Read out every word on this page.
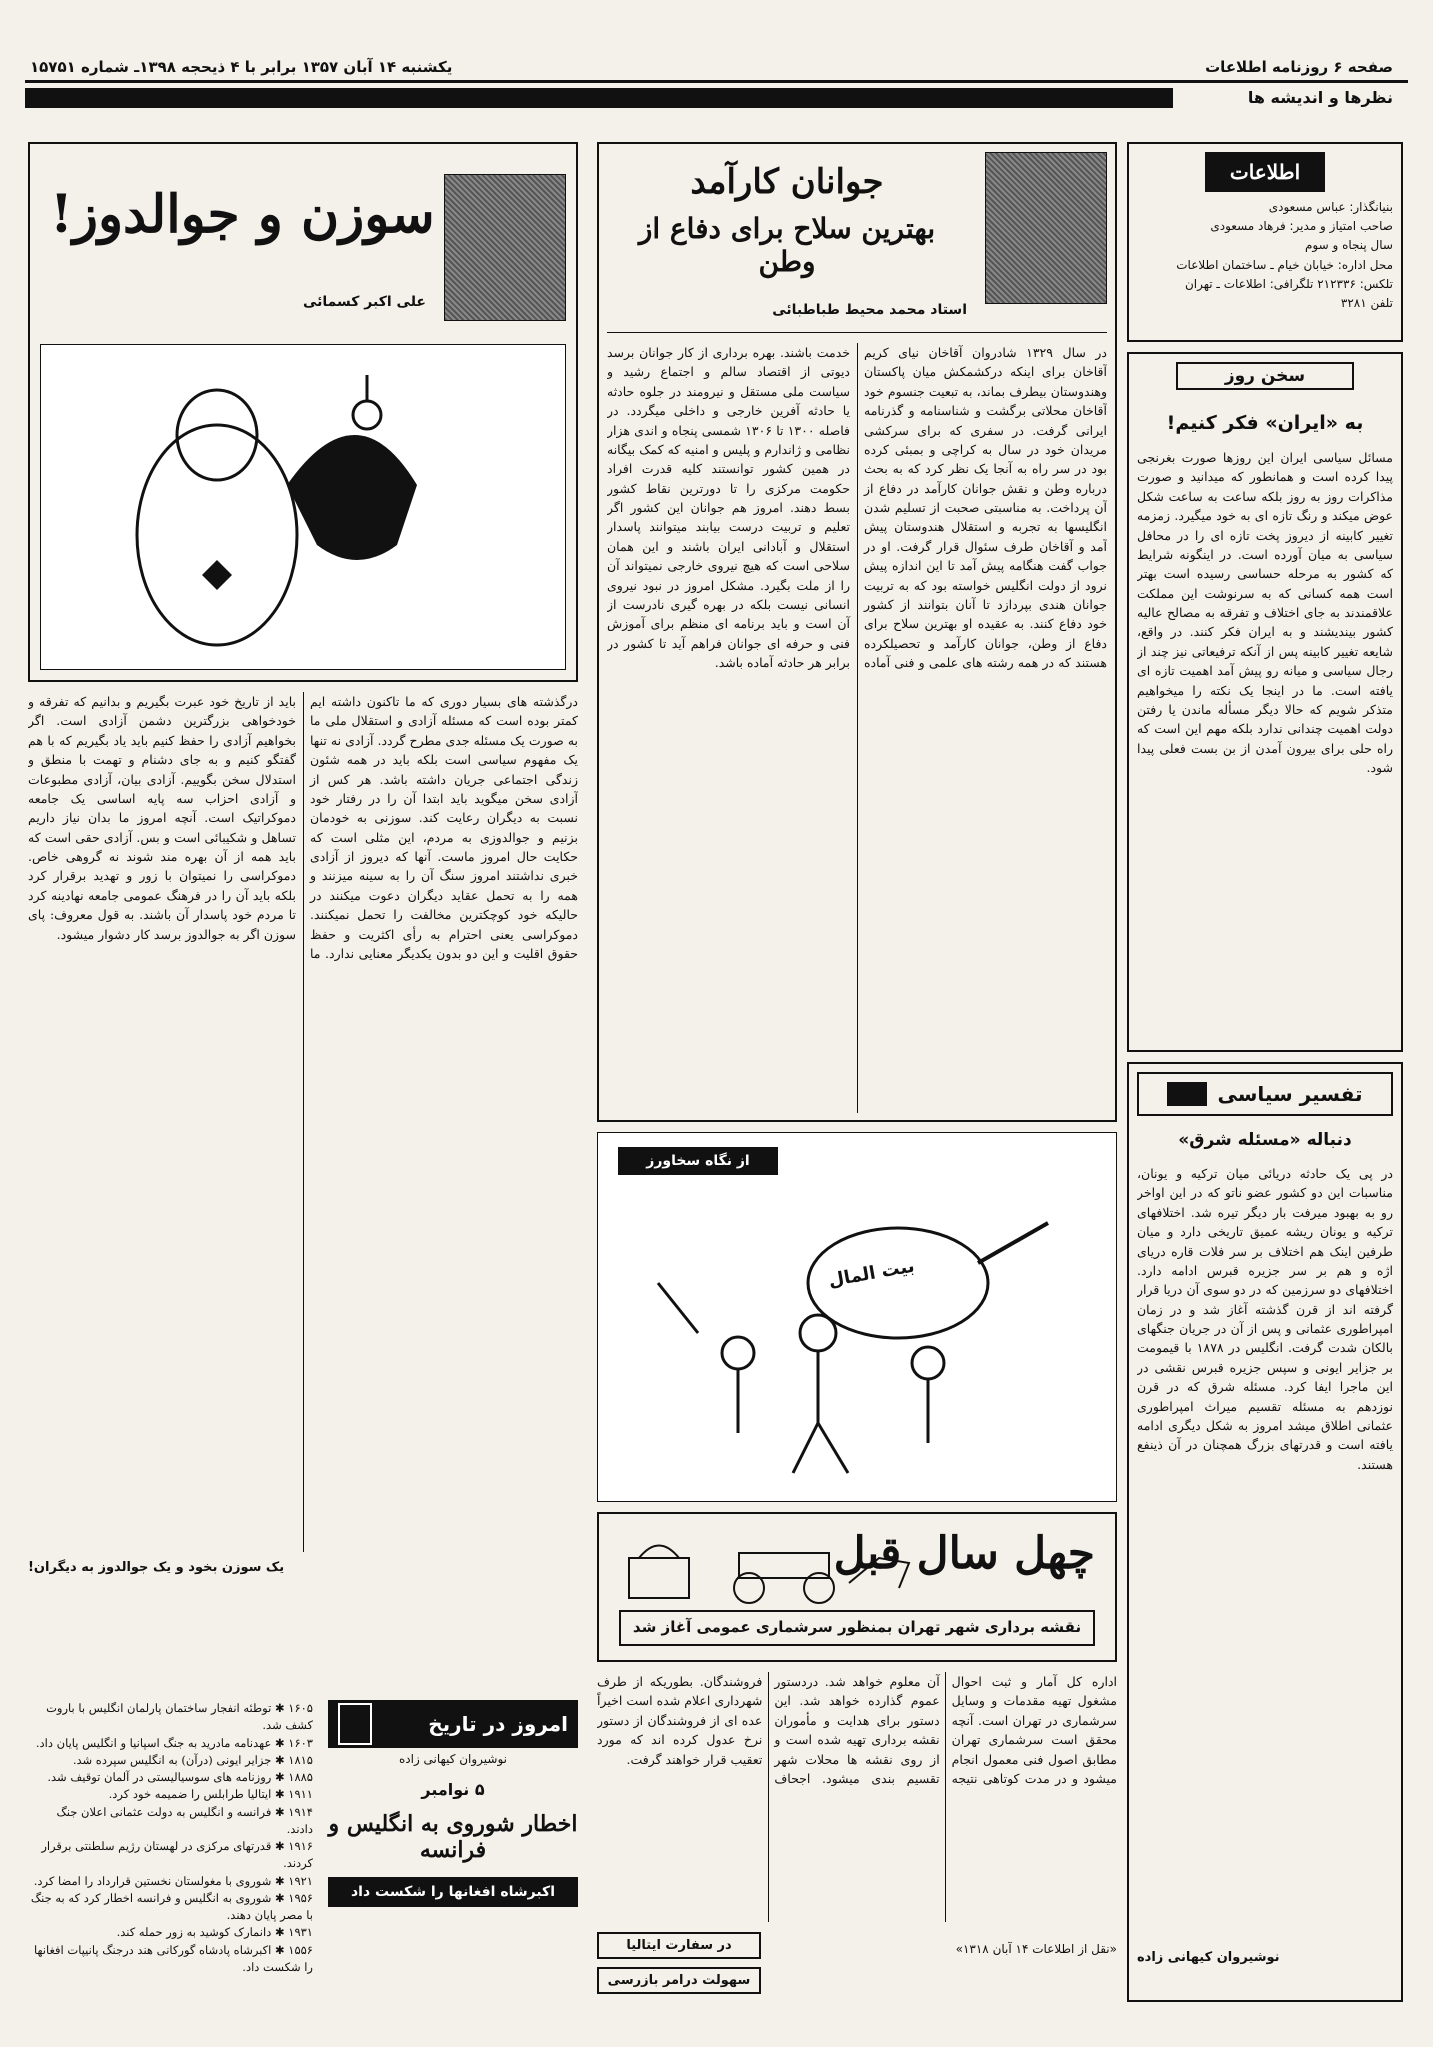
صفحه ۶ روزنامه اطلاعات
یکشنبه ۱۴ آبان ۱۳۵۷ برابر با ۴ ذیحجه ۱۳۹۸ـ شماره ۱۵۷۵۱
نظرها و اندیشه ها
اطلاعات
بنیانگذار: عباس مسعودی
صاحب امتیاز و مدیر: فرهاد مسعودی
سال پنجاه و سوم
محل اداره: خیابان خیام ـ ساختمان اطلاعات
تلکس: ۲۱۲۳۳۶ تلگرافی: اطلاعات ـ تهران
تلفن ۳۲۸۱
سخن روز
به «ایران» فکر کنیم!
مسائل سیاسی ایران این روزها صورت بغرنجی پیدا کرده است و همانطور که میدانید و صورت مذاکرات روز به روز بلکه ساعت به ساعت شکل عوض میکند و رنگ تازه ای به خود میگیرد. زمزمه تغییر کابینه از دیروز پخت تازه ای را در محافل سیاسی به میان آورده است. در اینگونه شرایط که کشور به مرحله حساسی رسیده است بهتر است همه کسانی که به سرنوشت این مملکت علاقمندند به جای اختلاف و تفرقه به مصالح عالیه کشور بیندیشند و به ایران فکر کنند. در واقع، شایعه تغییر کابینه پس از آنکه ترفیعاتی نیز چند از رجال سیاسی و میانه رو پیش آمد اهمیت تازه ای یافته است. ما در اینجا یک نکته را میخواهیم متذکر شویم که حالا دیگر مسأله ماندن یا رفتن دولت اهمیت چندانی ندارد بلکه مهم این است که راه حلی برای بیرون آمدن از بن بست فعلی پیدا شود.
تفسیر سیاسی
دنباله «مسئله شرق»
در پی یک حادثه دریائی میان ترکیه و یونان، مناسبات این دو کشور عضو ناتو که در این اواخر رو به بهبود میرفت بار دیگر تیره شد. اختلافهای ترکیه و یونان ریشه عمیق تاریخی دارد و میان طرفین اینک هم اختلاف بر سر فلات قاره دریای اژه و هم بر سر جزیره قبرس ادامه دارد. اختلافهای دو سرزمین که در دو سوی آن دریا قرار گرفته اند از قرن گذشته آغاز شد و در زمان امپراطوری عثمانی و پس از آن در جریان جنگهای بالکان شدت گرفت. انگلیس در ۱۸۷۸ با قیمومت بر جزایر ایونی و سپس جزیره قبرس نقشی در این ماجرا ایفا کرد. مسئله شرق که در قرن نوزدهم به مسئله تقسیم میراث امپراطوری عثمانی اطلاق میشد امروز به شکل دیگری ادامه یافته است و قدرتهای بزرگ همچنان در آن ذینفع هستند.
نوشیروان کیهانی زاده
جوانان کارآمد
بهترین سلاح برای دفاع از وطن
استاد محمد محیط طباطبائی
در سال ۱۳۲۹ شادروان آقاخان نیای کریم آقاخان برای اینکه درکشمکش میان پاکستان وهندوستان بیطرف بماند، به تبعیت جنسوم خود آقاخان محلاتی برگشت و شناسنامه و گذرنامه ایرانی گرفت. در سفری که برای سرکشی مریدان خود در سال به کراچی و بمبئی کرده بود در سر راه به آنجا یک نظر کرد که به بحث درباره وطن و نقش جوانان کارآمد در دفاع از آن پرداخت. به مناسبتی صحبت از تسلیم شدن انگلیسها به تجربه و استقلال هندوستان پیش آمد و آقاخان طرف سئوال قرار گرفت. او در جواب گفت هنگامه پیش آمد تا این اندازه پیش نرود از دولت انگلیس خواسته بود که به تربیت جوانان هندی بپردازد تا آنان بتوانند از کشور خود دفاع کنند. به عقیده او بهترین سلاح برای دفاع از وطن، جوانان کارآمد و تحصیلکرده هستند که در همه رشته های علمی و فنی آماده خدمت باشند. بهره برداری از کار جوانان برسد دیوتی از اقتصاد سالم و اجتماع رشید و سیاست ملی مستقل و نیرومند در جلوه حادثه یا حادثه آفرین خارجی و داخلی میگردد. در فاصله ۱۳۰۰ تا ۱۳۰۶ شمسی پنجاه و اندی هزار نظامی و ژاندارم و پلیس و امنیه که کمک بیگانه در همین کشور توانستند کلیه قدرت افراد حکومت مرکزی را تا دورترین نقاط کشور بسط دهند. امروز هم جوانان این کشور اگر تعلیم و تربیت درست بیابند میتوانند پاسدار استقلال و آبادانی ایران باشند و این همان سلاحی است که هیچ نیروی خارجی نمیتواند آن را از ملت بگیرد. مشکل امروز در نبود نیروی انسانی نیست بلکه در بهره گیری نادرست از آن است و باید برنامه ای منظم برای آموزش فنی و حرفه ای جوانان فراهم آید تا کشور در برابر هر حادثه آماده باشد.
از نگاه سخاورز
بیت المال
چهل سال قبل
نقشه برداری شهر تهران بمنظور سرشماری عمومی آغاز شد
اداره کل آمار و ثبت احوال مشغول تهیه مقدمات و وسایل سرشماری در تهران است. آنچه محقق است سرشماری تهران مطابق اصول فنی معمول انجام میشود و در مدت کوتاهی نتیجه آن معلوم خواهد شد. دردستور عموم گذارده خواهد شد. این دستور برای هدایت و مأموران نقشه برداری تهیه شده است و از روی نقشه ها محلات شهر تقسیم بندی میشود. اجحاف فروشندگان. بطوریکه از طرف شهرداری اعلام شده است اخیراً عده ای از فروشندگان از دستور نرخ عدول کرده اند که مورد تعقیب قرار خواهند گرفت.
در سفارت ایتالیا
سهولت درامر بازرسی
«نقل از اطلاعات ۱۴ آبان ۱۳۱۸»
سوزن و جوالدوز!
علی اکبر کسمائی
درگذشته های بسیار دوری که ما تاکنون داشته ایم کمتر بوده است که مسئله آزادی و استقلال ملی ما به صورت یک مسئله جدی مطرح گردد. آزادی نه تنها یک مفهوم سیاسی است بلکه باید در همه شئون زندگی اجتماعی جریان داشته باشد. هر کس از آزادی سخن میگوید باید ابتدا آن را در رفتار خود نسبت به دیگران رعایت کند. سوزنی به خودمان بزنیم و جوالدوزی به مردم، این مثلی است که حکایت حال امروز ماست. آنها که دیروز از آزادی خبری نداشتند امروز سنگ آن را به سینه میزنند و همه را به تحمل عقاید دیگران دعوت میکنند در حالیکه خود کوچکترین مخالفت را تحمل نمیکنند. دموکراسی یعنی احترام به رأی اکثریت و حفظ حقوق اقلیت و این دو بدون یکدیگر معنایی ندارد. ما باید از تاریخ خود عبرت بگیریم و بدانیم که تفرقه و خودخواهی بزرگترین دشمن آزادی است. اگر بخواهیم آزادی را حفظ کنیم باید یاد بگیریم که با هم گفتگو کنیم و به جای دشنام و تهمت با منطق و استدلال سخن بگوییم. آزادی بیان، آزادی مطبوعات و آزادی احزاب سه پایه اساسی یک جامعه دموکراتیک است. آنچه امروز ما بدان نیاز داریم تساهل و شکیبائی است و بس. آزادی حقی است که باید همه از آن بهره مند شوند نه گروهی خاص. دموکراسی را نمیتوان با زور و تهدید برقرار کرد بلکه باید آن را در فرهنگ عمومی جامعه نهادینه کرد تا مردم خود پاسدار آن باشند. به قول معروف: پای سوزن اگر به جوالدوز برسد کار دشوار میشود.
یک سوزن بخود و یک جوالدوز به دیگران!
امروز در تاریخ
نوشیروان کیهانی زاده
۵ نوامبر
اخطار شوروی به انگلیس و فرانسه
اکبرشاه افغانها را شکست داد
۱۶۰۵ ✱ توطئه انفجار ساختمان پارلمان انگلیس با باروت کشف شد.
۱۶۰۳ ✱ عهدنامه مادرید به جنگ اسپانیا و انگلیس پایان داد.
۱۸۱۵ ✱ جزایر ایونی (درآن) به انگلیس سپرده شد.
۱۸۸۵ ✱ روزنامه های سوسیالیستی در آلمان توقیف شد.
۱۹۱۱ ✱ ایتالیا طرابلس را ضمیمه خود کرد.
۱۹۱۴ ✱ فرانسه و انگلیس به دولت عثمانی اعلان جنگ دادند.
۱۹۱۶ ✱ قدرتهای مرکزی در لهستان رژیم سلطنتی برقرار کردند.
۱۹۲۱ ✱ شوروی با مغولستان نخستین قرارداد را امضا کرد.
۱۹۵۶ ✱ شوروی به انگلیس و فرانسه اخطار کرد که به جنگ با مصر پایان دهند.
۱۹۳۱ ✱ دانمارک کوشید به زور حمله کند.
۱۵۵۶ ✱ اکبرشاه پادشاه گورکانی هند درجنگ پانیپات افغانها را شکست داد.
